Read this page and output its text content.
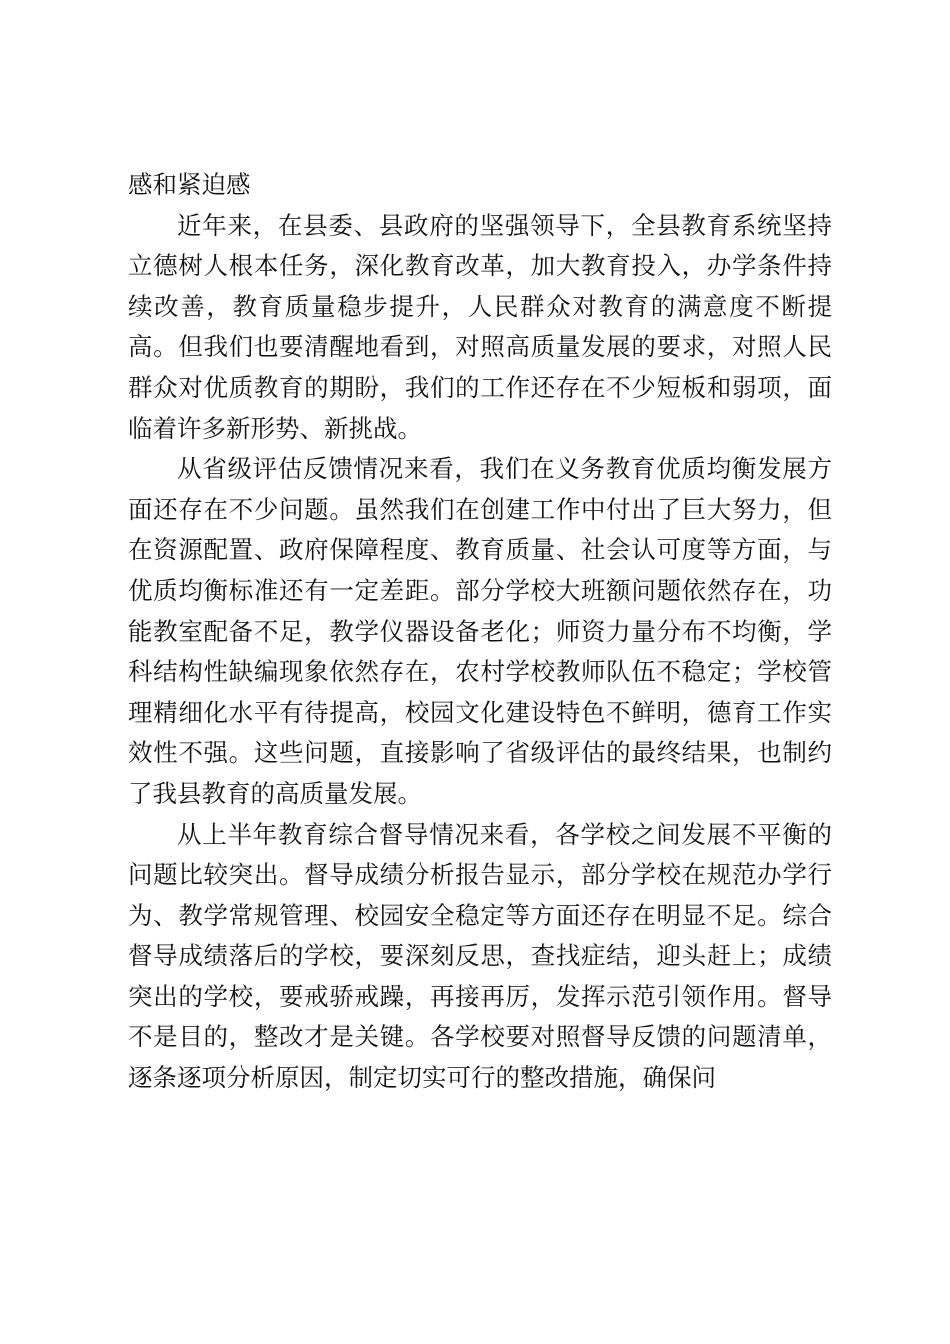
感和紧迫感

近年来，在县委、县政府的坚强领导下，全县教育系统坚持立德树人根本任务，深化教育改革，加大教育投入，办学条件持续改善，教育质量稳步提升，人民群众对教育的满意度不断提高。但我们也要清醒地看到，对照高质量发展的要求，对照人民群众对优质教育的期盼，我们的工作还存在不少短板和弱项，面临着许多新形势、新挑战。

从省级评估反馈情况来看，我们在义务教育优质均衡发展方面还存在不少问题。虽然我们在创建工作中付出了巨大努力，但在资源配置、政府保障程度、教育质量、社会认可度等方面，与优质均衡标准还有一定差距。部分学校大班额问题依然存在，功能教室配备不足，教学仪器设备老化；师资力量分布不均衡，学科结构性缺编现象依然存在，农村学校教师队伍不稳定；学校管理精细化水平有待提高，校园文化建设特色不鲜明，德育工作实效性不强。这些问题，直接影响了省级评估的最终结果，也制约了我县教育的高质量发展。

从上半年教育综合督导情况来看，各学校之间发展不平衡的问题比较突出。督导成绩分析报告显示，部分学校在规范办学行为、教学常规管理、校园安全稳定等方面还存在明显不足。综合督导成绩落后的学校，要深刻反思，查找症结，迎头赶上；成绩突出的学校，要戒骄戒躁，再接再厉，发挥示范引领作用。督导不是目的，整改才是关键。各学校要对照督导反馈的问题清单，逐条逐项分析原因，制定切实可行的整改措施，确保问
